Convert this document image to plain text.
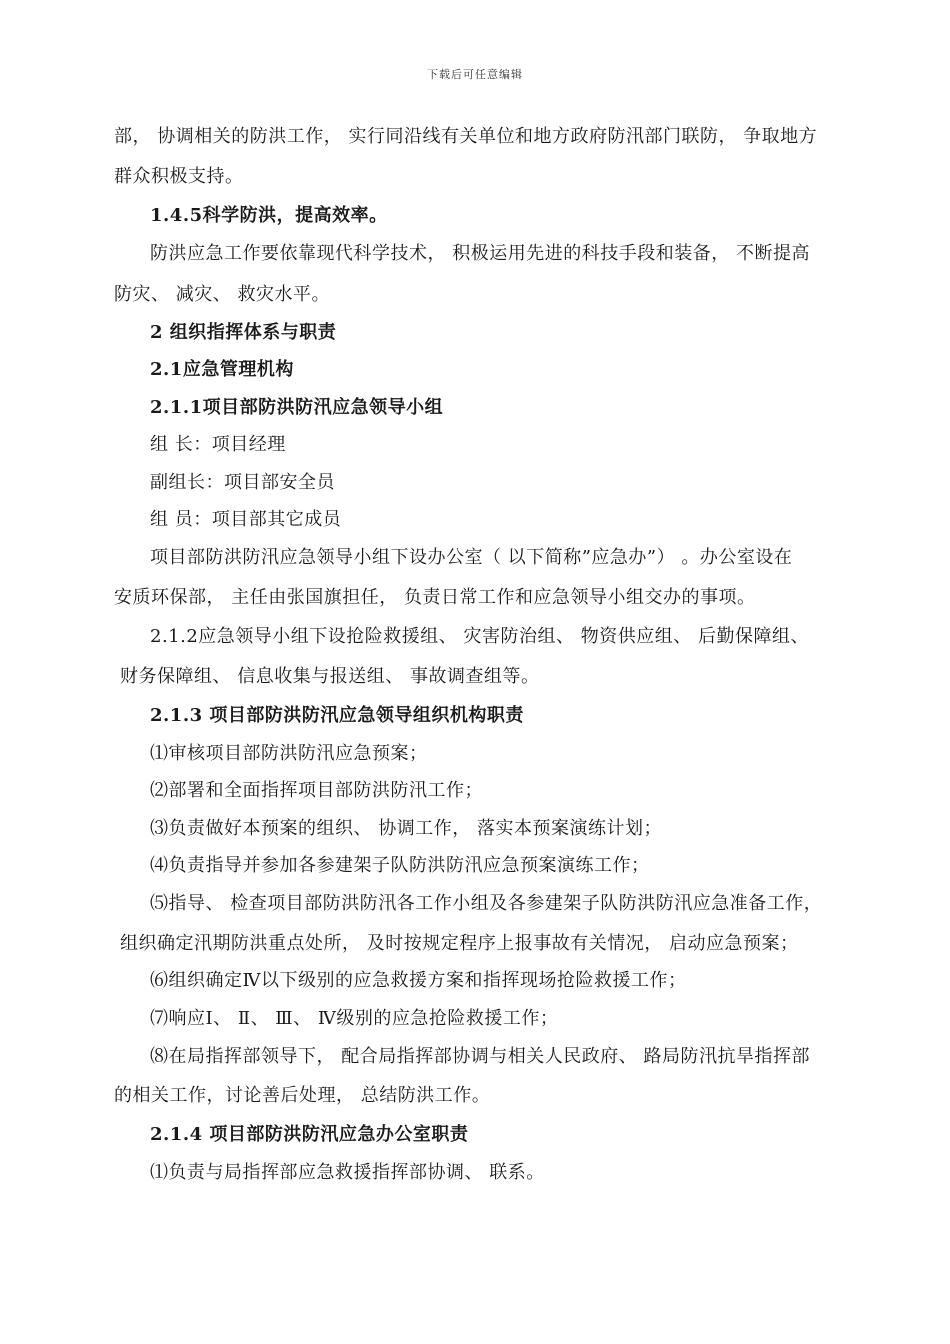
下载后可任意编辑
部， 协调相关的防洪工作， 实行同沿线有关单位和地方政府防汛部门联防， 争取地方
群众积极支持。
1.4.5科学防洪，提高效率。
防洪应急工作要依靠现代科学技术， 积极运用先进的科技手段和装备， 不断提高
防灾、 减灾、 救灾水平。
2 组织指挥体系与职责
2.1应急管理机构
2.1.1项目部防洪防汛应急领导小组
组 长：项目经理
副组长：项目部安全员
组 员：项目部其它成员
项目部防洪防汛应急领导小组下设办公室（ 以下简称”应急办”） 。办公室设在
安质环保部， 主任由张国旗担任， 负责日常工作和应急领导小组交办的事项。
2.1.2应急领导小组下设抢险救援组、 灾害防治组、 物资供应组、 后勤保障组、
财务保障组、 信息收集与报送组、 事故调查组等。
2.1.3 项目部防洪防汛应急领导组织机构职责
⑴审核项目部防洪防汛应急预案；
⑵部署和全面指挥项目部防洪防汛工作；
⑶负责做好本预案的组织、 协调工作， 落实本预案演练计划；
⑷负责指导并参加各参建架子队防洪防汛应急预案演练工作；
⑸指导、 检查项目部防洪防汛各工作小组及各参建架子队防洪防汛应急准备工作，
组织确定汛期防洪重点处所， 及时按规定程序上报事故有关情况， 启动应急预案；
⑹组织确定Ⅳ以下级别的应急救援方案和指挥现场抢险救援工作；
⑺响应Ⅰ、 Ⅱ、 Ⅲ、 Ⅳ级别的应急抢险救援工作；
⑻在局指挥部领导下， 配合局指挥部协调与相关人民政府、 路局防汛抗旱指挥部
的相关工作，讨论善后处理， 总结防洪工作。
2.1.4 项目部防洪防汛应急办公室职责
⑴负责与局指挥部应急救援指挥部协调、 联系。
